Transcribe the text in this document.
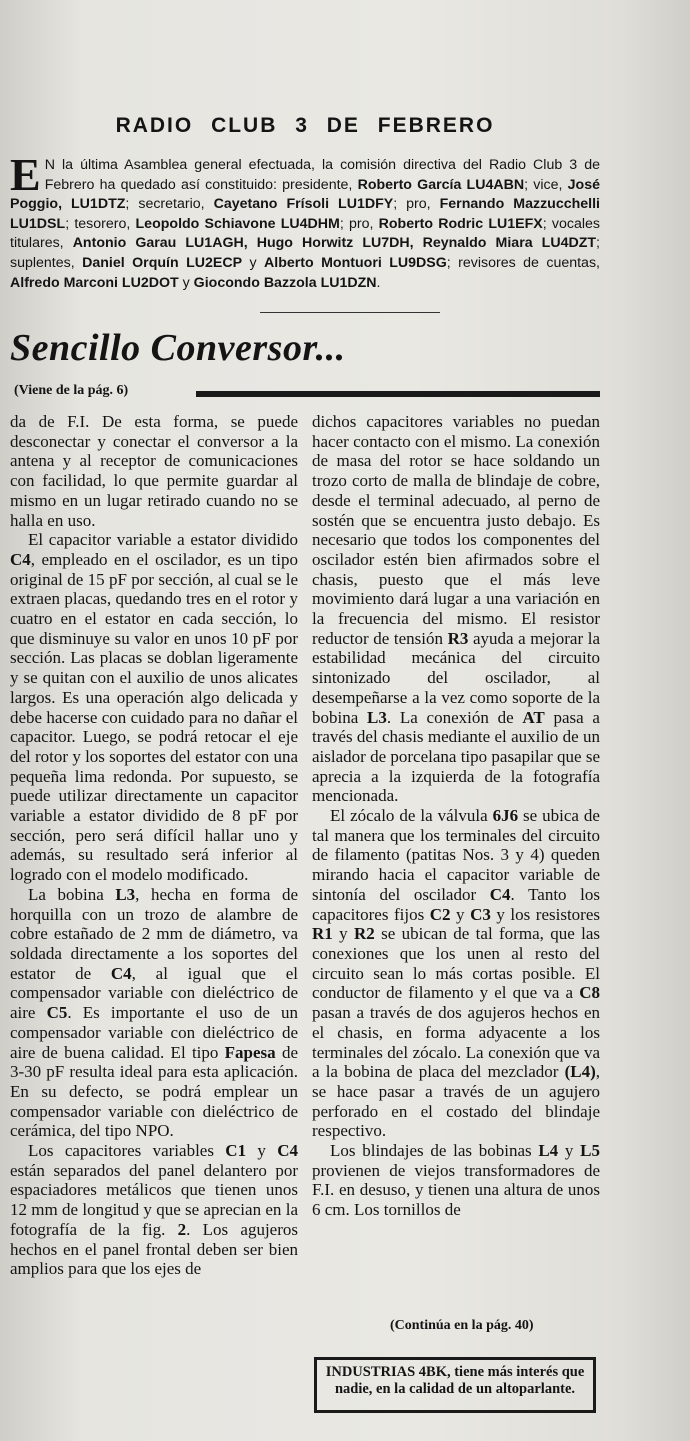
RADIO CLUB 3 DE FEBRERO
E N la última Asamblea general efectuada, la comisión directiva del Radio Club 3 de Febrero ha quedado así constituido: presidente, Roberto García LU4ABN; vice, José Poggio, LU1DTZ; secretario, Cayetano Frísoli LU1DFY; pro, Fernando Mazzucchelli LU1DSL; tesorero, Leopoldo Schiavone LU4DHM; pro, Roberto Rodric LU1EFX; vocales titulares, Antonio Garau LU1AGH, Hugo Horwitz LU7DH, Reynaldo Miara LU4DZT; suplentes, Daniel Orquín LU2ECP y Alberto Montuori LU9DSG; revisores de cuentas, Alfredo Marconi LU2DOT y Giocondo Bazzola LU1DZN.
Sencillo Conversor...
(Viene de la pág. 6)

da de F.I. De esta forma, se puede desconectar y conectar el conversor a la antena y al receptor de comunicaciones con facilidad, lo que permite guardar al mismo en un lugar retirado cuando no se halla en uso.

El capacitor variable a estator dividido C4, empleado en el oscilador, es un tipo original de 15 pF por sección, al cual se le extraen placas, quedando tres en el rotor y cuatro en el estator en cada sección, lo que disminuye su valor en unos 10 pF por sección. Las placas se doblan ligeramente y se quitan con el auxilio de unos alicates largos. Es una operación algo delicada y debe hacerse con cuidado para no dañar el capacitor. Luego, se podrá retocar el eje del rotor y los soportes del estator con una pequeña lima redonda. Por supuesto, se puede utilizar directamente un capacitor variable a estator dividido de 8 pF por sección, pero será difícil hallar uno y además, su resultado será inferior al logrado con el modelo modificado.

La bobina L3, hecha en forma de horquilla con un trozo de alambre de cobre estañado de 2 mm de diámetro, va soldada directamente a los soportes del estator de C4, al igual que el compensador variable con dieléctrico de aire C5. Es importante el uso de un compensador variable con dieléctrico de aire de buena calidad. El tipo Fapesa de 3-30 pF resulta ideal para esta aplicación. En su defecto, se podrá emplear un compensador variable con dieléctrico de cerámica, del tipo NPO.

Los capacitores variables C1 y C4 están separados del panel delantero por espaciadores metálicos que tienen unos 12 mm de longitud y que se aprecian en la fotografía de la fig. 2. Los agujeros hechos en el panel frontal deben ser bien amplios para que los ejes de

dichos capacitores variables no puedan hacer contacto con el mismo. La conexión de masa del rotor se hace soldando un trozo corto de malla de blindaje de cobre, desde el terminal adecuado, al perno de sostén que se encuentra justo debajo. Es necesario que todos los componentes del oscilador estén bien afirmados sobre el chasis, puesto que el más leve movimiento dará lugar a una variación en la frecuencia del mismo. El resistor reductor de tensión R3 ayuda a mejorar la estabilidad mecánica del circuito sintonizado del oscilador, al desempeñarse a la vez como soporte de la bobina L3. La conexión de AT pasa a través del chasis mediante el auxilio de un aislador de porcelana tipo pasapilar que se aprecia a la izquierda de la fotografía mencionada.

El zócalo de la válvula 6J6 se ubica de tal manera que los terminales del circuito de filamento (patitas Nos. 3 y 4) queden mirando hacia el capacitor variable de sintonía del oscilador C4. Tanto los capacitores fijos C2 y C3 y los resistores R1 y R2 se ubican de tal forma, que las conexiones que los unen al resto del circuito sean lo más cortas posible. El conductor de filamento y el que va a C8 pasan a través de dos agujeros hechos en el chasis, en forma adyacente a los terminales del zócalo. La conexión que va a la bobina de placa del mezclador (L4), se hace pasar a través de un agujero perforado en el costado del blindaje respectivo.

Los blindajes de las bobinas L4 y L5 provienen de viejos transformadores de F.I. en desuso, y tienen una altura de unos 6 cm. Los tornillos de

(Continúa en la pág. 40)
INDUSTRIAS 4BK, tiene más interés que nadie, en la calidad de un altoparlante.
